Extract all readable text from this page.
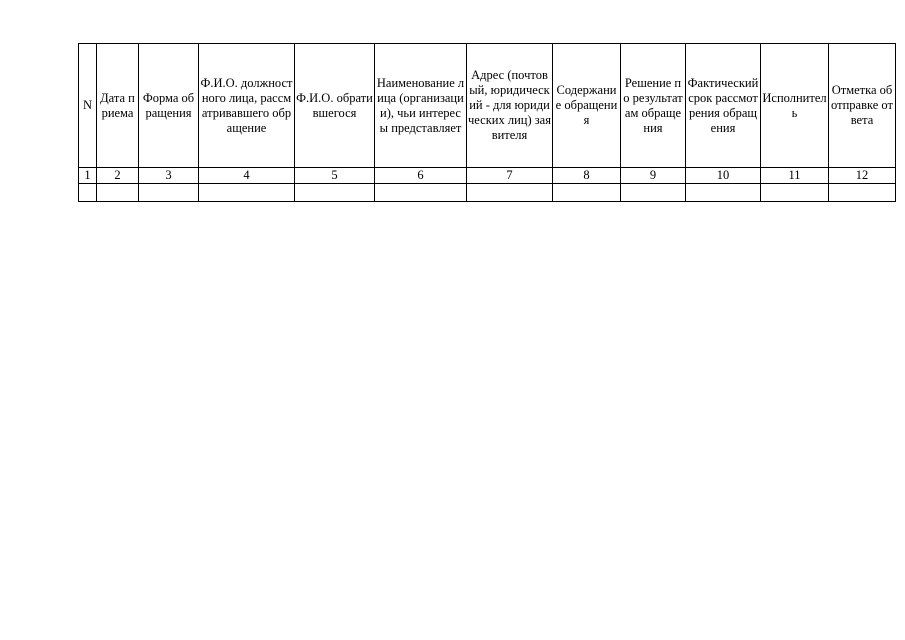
N	Дата приема	Форма обращения	Ф.И.О. должностного лица, рассматривавшего обращение	Ф.И.О. обратившегося	Наименование лица (организации), чьи интересы представляет	Адрес (почтовый, юридический - для юридических лиц) заявителя	Содержание обращения	Решение по результатам обращения	Фактический срок рассмотрения обращения	Исполнитель	Отметка об отправке ответа
1	2	3	4	5	6	7	8	9	10	11	12
